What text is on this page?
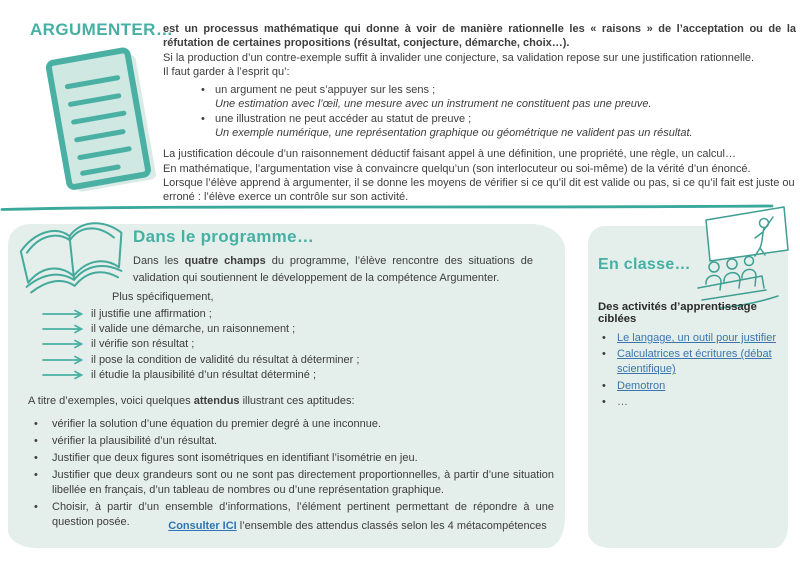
ARGUMENTER…

est un processus mathématique qui donne à voir de manière rationnelle les « raisons » de l’acceptation ou de la réfutation de certaines propositions (résultat, conjecture, démarche, choix…).

Si la production d’un contre-exemple suffit à invalider une conjecture, sa validation repose sur une justification rationnelle.

Il faut garder à l’esprit qu’:

• un argument ne peut s’appuyer sur les sens ;
Une estimation avec l’œil, une mesure avec un instrument ne constituent pas une preuve.
• une illustration ne peut accéder au statut de preuve ;
Un exemple numérique, une représentation graphique ou géométrique ne valident pas un résultat.

La justification découle d’un raisonnement déductif faisant appel à une définition, une propriété, une règle, un calcul…

En mathématique, l’argumentation vise à convaincre quelqu’un (son interlocuteur ou soi-même) de la vérité d’un énoncé.

Lorsque l’élève apprend à argumenter, il se donne les moyens de vérifier si ce qu’il dit est valide ou pas, si ce qu’il fait est juste ou erroné : l’élève exerce un contrôle sur son activité.

Dans le programme…
Dans les quatre champs du programme, l’élève rencontre des situations de validation qui soutiennent le développement de la compétence Argumenter.
Plus spécifiquement,
il justifie une affirmation ;
il valide une démarche, un raisonnement ;
il vérifie son résultat ;
il pose la condition de validité du résultat à déterminer ;
il étudie la plausibilité d’un résultat déterminé ;
A titre d’exemples, voici quelques attendus illustrant ces aptitudes:
• vérifier la solution d’une équation du premier degré à une inconnue.
• vérifier la plausibilité d’un résultat.
• Justifier que deux figures sont isométriques en identifiant l’isométrie en jeu.
• Justifier que deux grandeurs sont ou ne sont pas directement proportionnelles, à partir d’une situation libellée en français, d’un tableau de nombres ou d’une représentation graphique.
• Choisir, à partir d’un ensemble d’informations, l’élément pertinent permettant de répondre à une question posée.	Consulter ICI l’ensemble des attendus classés selon les 4 métacompétences
En classe…
Des activités d’apprentissage ciblées
• Le langage, un outil pour justifier
• Calculatrices et écritures (débat scientifique)
• Demotron
• …
